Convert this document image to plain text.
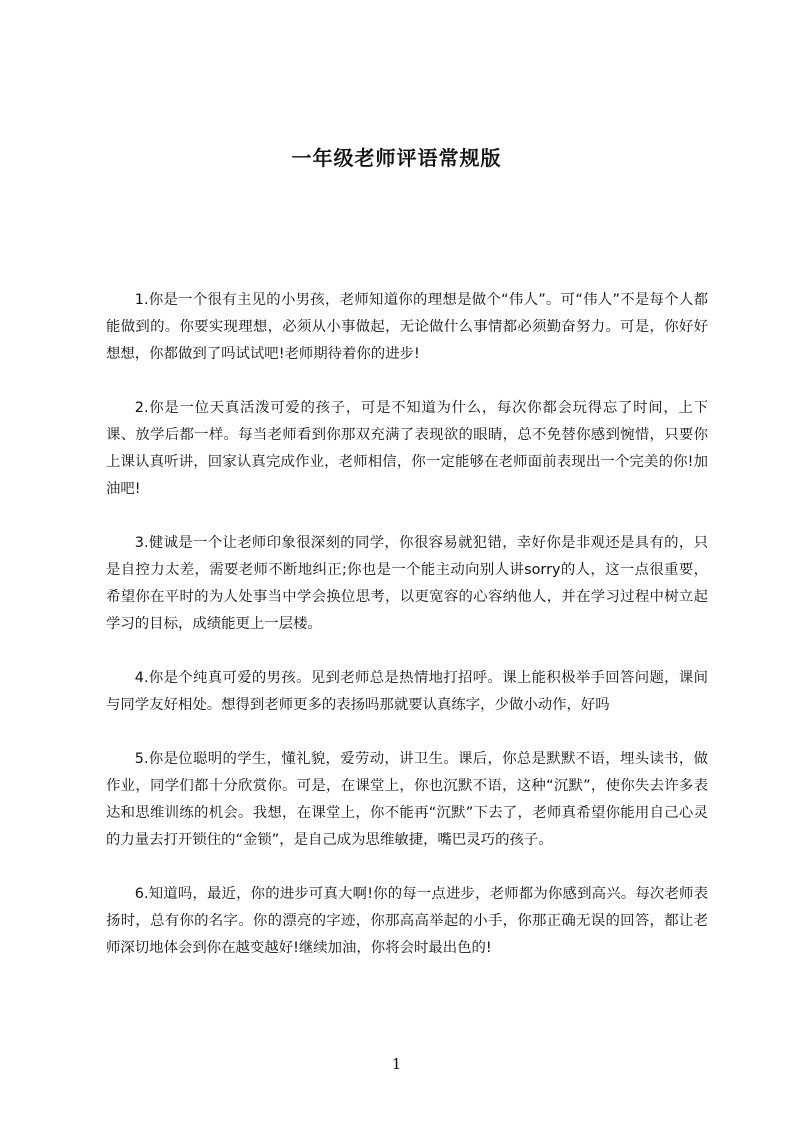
一年级老师评语常规版

1.你是一个很有主见的小男孩，老师知道你的理想是做个“伟人”。可“伟人”不是每个人都能做到的。你要实现理想，必须从小事做起，无论做什么事情都必须勤奋努力。可是，你好好想想，你都做到了吗试试吧!老师期待着你的进步!

2.你是一位天真活泼可爱的孩子，可是不知道为什么，每次你都会玩得忘了时间，上下课、放学后都一样。每当老师看到你那双充满了表现欲的眼睛，总不免替你感到惋惜，只要你上课认真听讲，回家认真完成作业，老师相信，你一定能够在老师面前表现出一个完美的你!加油吧!

3.健诚是一个让老师印象很深刻的同学，你很容易就犯错，幸好你是非观还是具有的，只是自控力太差，需要老师不断地纠正;你也是一个能主动向别人讲sorry的人，这一点很重要，希望你在平时的为人处事当中学会换位思考，以更宽容的心容纳他人，并在学习过程中树立起学习的目标，成绩能更上一层楼。

4.你是个纯真可爱的男孩。见到老师总是热情地打招呼。课上能积极举手回答问题，课间与同学友好相处。想得到老师更多的表扬吗那就要认真练字，少做小动作，好吗

5.你是位聪明的学生，懂礼貌，爱劳动，讲卫生。课后，你总是默默不语，埋头读书，做作业，同学们都十分欣赏你。可是，在课堂上，你也沉默不语，这种“沉默”，使你失去许多表达和思维训练的机会。我想，在课堂上，你不能再“沉默”下去了，老师真希望你能用自己心灵的力量去打开锁住的“金锁”，是自己成为思维敏捷，嘴巴灵巧的孩子。

6.知道吗，最近，你的进步可真大啊!你的每一点进步，老师都为你感到高兴。每次老师表扬时，总有你的名字。你的漂亮的字迹，你那高高举起的小手，你那正确无误的回答，都让老师深切地体会到你在越变越好!继续加油，你将会时最出色的!

1
